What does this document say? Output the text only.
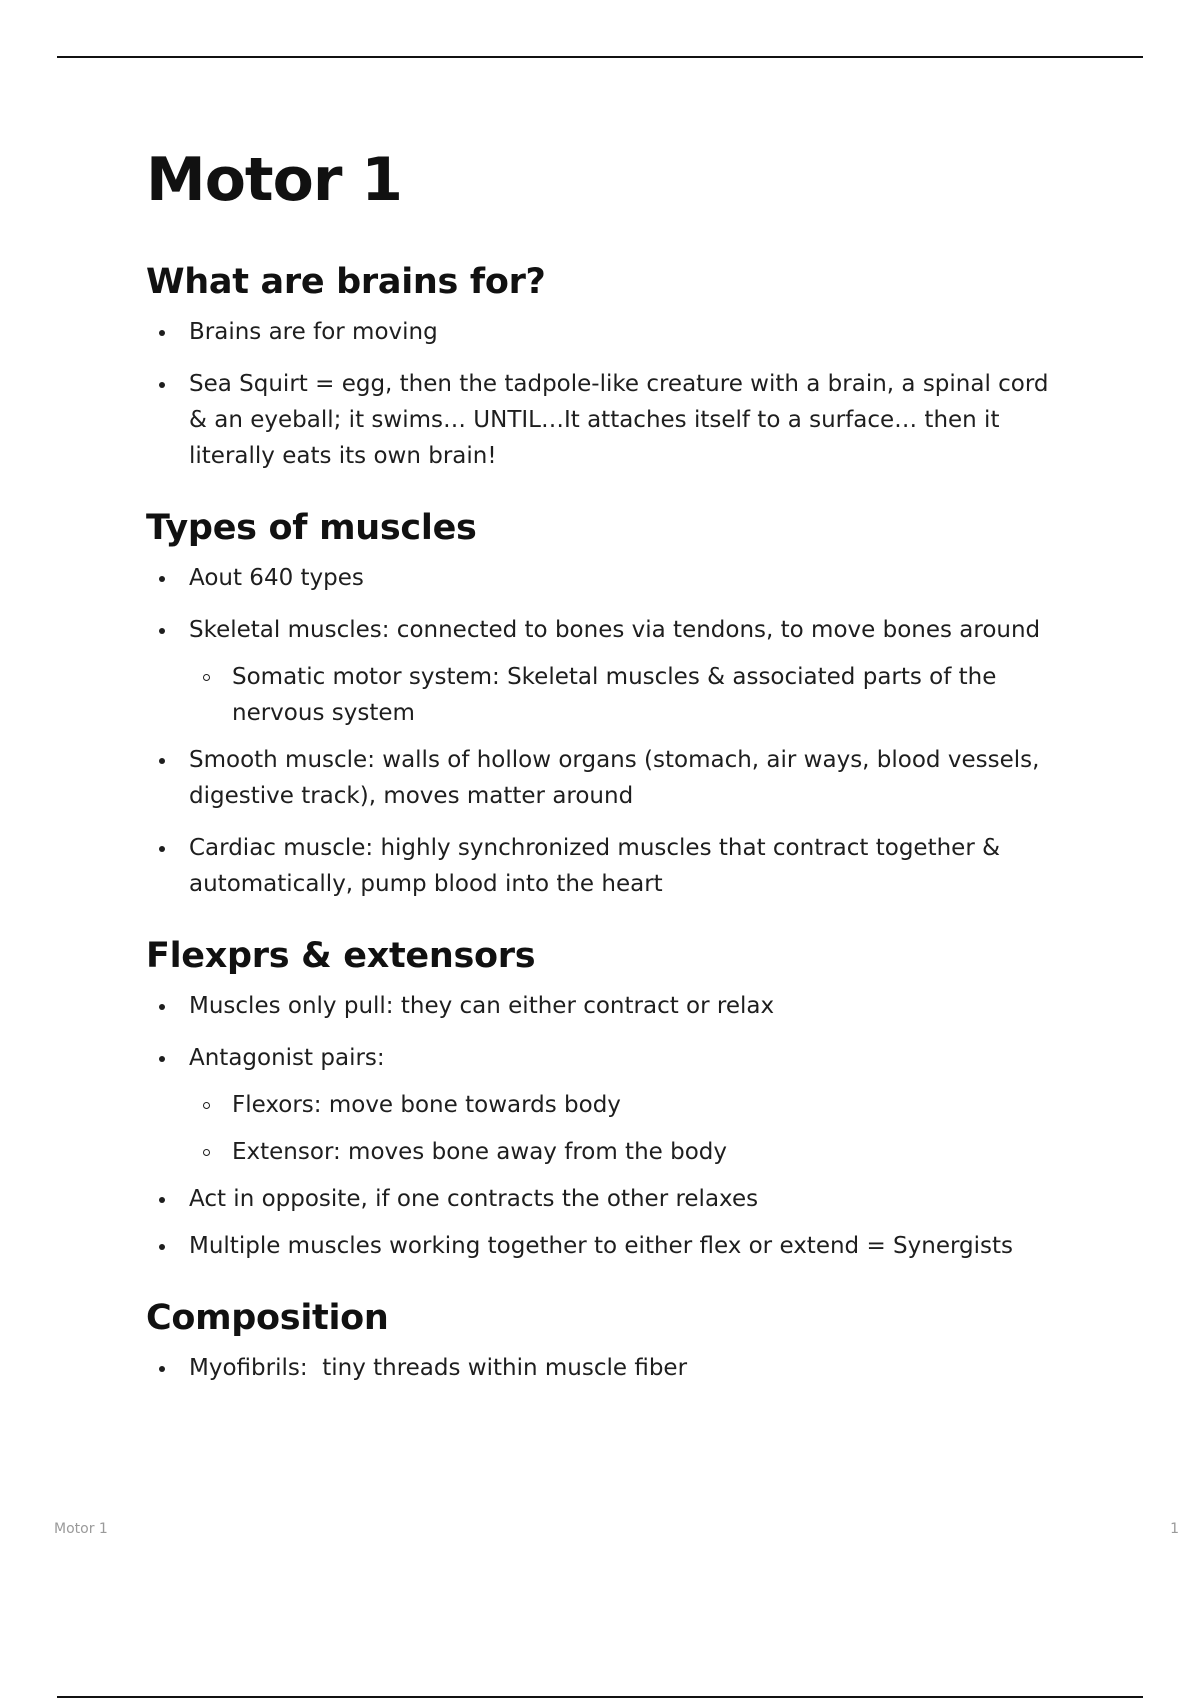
Motor 1
What are brains for?
Brains are for moving
Sea Squirt = egg, then the tadpole-like creature with a brain, a spinal cord & an eyeball; it swims… UNTIL…It attaches itself to a surface… then it literally eats its own brain!
Types of muscles
Aout 640 types
Skeletal muscles: connected to bones via tendons, to move bones around
Somatic motor system: Skeletal muscles & associated parts of the nervous system
Smooth muscle: walls of hollow organs (stomach, air ways, blood vessels, digestive track), moves matter around
Cardiac muscle: highly synchronized muscles that contract together & automatically, pump blood into the heart
Flexprs & extensors
Muscles only pull: they can either contract or relax
Antagonist pairs:
Flexors: move bone towards body
Extensor: moves bone away from the body
Act in opposite, if one contracts the other relaxes
Multiple muscles working together to either flex or extend = Synergists
Composition
Myofibrils:  tiny threads within muscle fiber
Motor 1	1
